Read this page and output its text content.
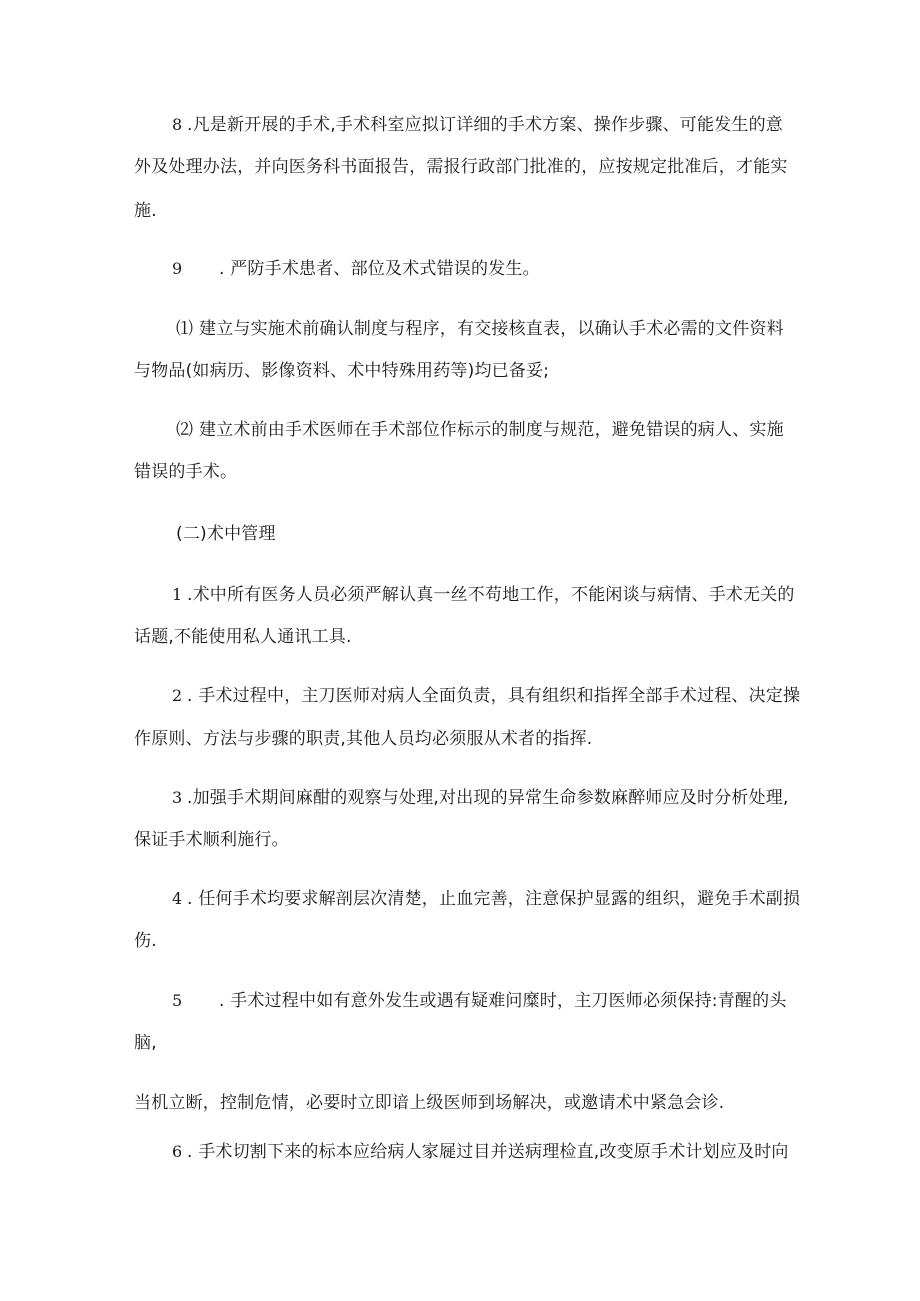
8 .凡是新开展的手术,手术科室应拟订详细的手术方案、操作步骤、可能发生的意
外及处理办法，并向医务科书面报告，需报行政部门批准的，应按规定批准后，才能实
施.
9 . 严防手术患者、部位及术式错误的发生。
⑴ 建立与实施术前确认制度与程序，有交接核直表，以确认手术必需的文件资料
与物品(如病历、影像资料、术中特殊用药等)均已备妥;
⑵ 建立术前由手术医师在手术部位作标示的制度与规范，避免错误的病人、实施
错误的手术。
(二)术中管理
1 .术中所有医务人员必须严解认真一丝不苟地工作，不能闲谈与病情、手术无关的
话题,不能使用私人通讯工具.
2 . 手术过程中，主刀医师对病人全面负责，具有组织和指挥全部手术过程、决定操
作原则、方法与步骤的职责,其他人员均必须服从术者的指挥.
3 .加强手术期间麻酣的观察与处理,对出现的异常生命参数麻醉师应及时分析处理,
保证手术顺利施行。
4 . 任何手术均要求解剖层次清楚，止血完善，注意保护显露的组织，避免手术副损
伤.
5 . 手术过程中如有意外发生或遇有疑难问糜时，主刀医师必须保持:青醒的头
脑,
当机立断，控制危情，必要时立即谙上级医师到场解决，或邀请术中紧急会诊.
6 . 手术切割下来的标本应给病人家屣过目并送病理检直,改变原手术计划应及时向
